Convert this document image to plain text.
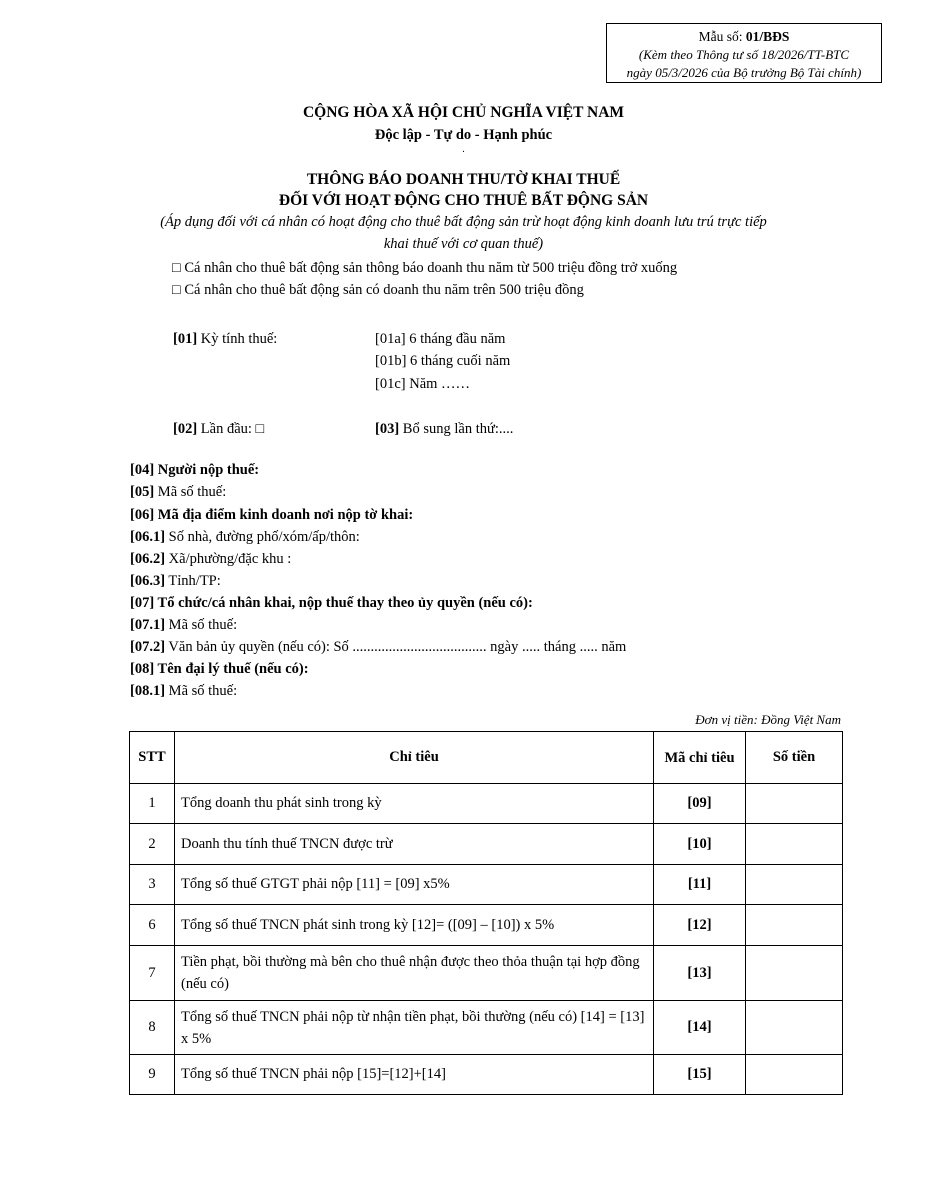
Mẫu số: 01/BĐS
(Kèm theo Thông tư số 18/2026/TT-BTC
ngày 05/3/2026 của Bộ trưởng Bộ Tài chính)
CỘNG HÒA XÃ HỘI CHỦ NGHĨA VIỆT NAM
Độc lập - Tự do - Hạnh phúc
.
THÔNG BÁO DOANH THU/TỜ KHAI THUẾ
ĐỐI VỚI HOẠT ĐỘNG CHO THUÊ BẤT ĐỘNG SẢN
(Áp dụng đối với cá nhân có hoạt động cho thuê bất động sản trừ hoạt động kinh doanh lưu trú trực tiếp
khai thuế với cơ quan thuế)
□ Cá nhân cho thuê bất động sản thông báo doanh thu năm từ 500 triệu đồng trở xuống
□ Cá nhân cho thuê bất động sản có doanh thu năm trên 500 triệu đồng
[01] Kỳ tính thuế:	[01a] 6 tháng đầu năm
[01b] 6 tháng cuối năm
[01c] Năm ……
[02] Lần đầu: □	[03] Bổ sung lần thứ:....
[04] Người nộp thuế:
[05] Mã số thuế:
[06] Mã địa điểm kinh doanh nơi nộp tờ khai:
[06.1] Số nhà, đường phố/xóm/ấp/thôn:
[06.2] Xã/phường/đặc khu :
[06.3] Tỉnh/TP:
[07] Tổ chức/cá nhân khai, nộp thuế thay theo ủy quyền (nếu có):
[07.1] Mã số thuế:
[07.2] Văn bản ủy quyền (nếu có): Số ..................................... ngày ..... tháng ..... năm
[08] Tên đại lý thuế (nếu có):
[08.1] Mã số thuế:
Đơn vị tiền: Đồng Việt Nam
STT	Chỉ tiêu	Mã chỉ tiêu	Số tiền
1	Tổng doanh thu phát sinh trong kỳ	[09]	
2	Doanh thu tính thuế TNCN được trừ	[10]	
3	Tổng số thuế GTGT phải nộp [11] = [09] x5%	[11]	
6	Tổng số thuế TNCN phát sinh trong kỳ [12]= ([09] – [10]) x 5%	[12]	
7	Tiền phạt, bồi thường mà bên cho thuê nhận được theo thỏa thuận tại hợp đồng (nếu có)	[13]	
8	Tổng số thuế TNCN phải nộp từ nhận tiền phạt, bồi thường (nếu có) [14] = [13] x 5%	[14]	
9	Tổng số thuế TNCN phải nộp [15]=[12]+[14]	[15]	
